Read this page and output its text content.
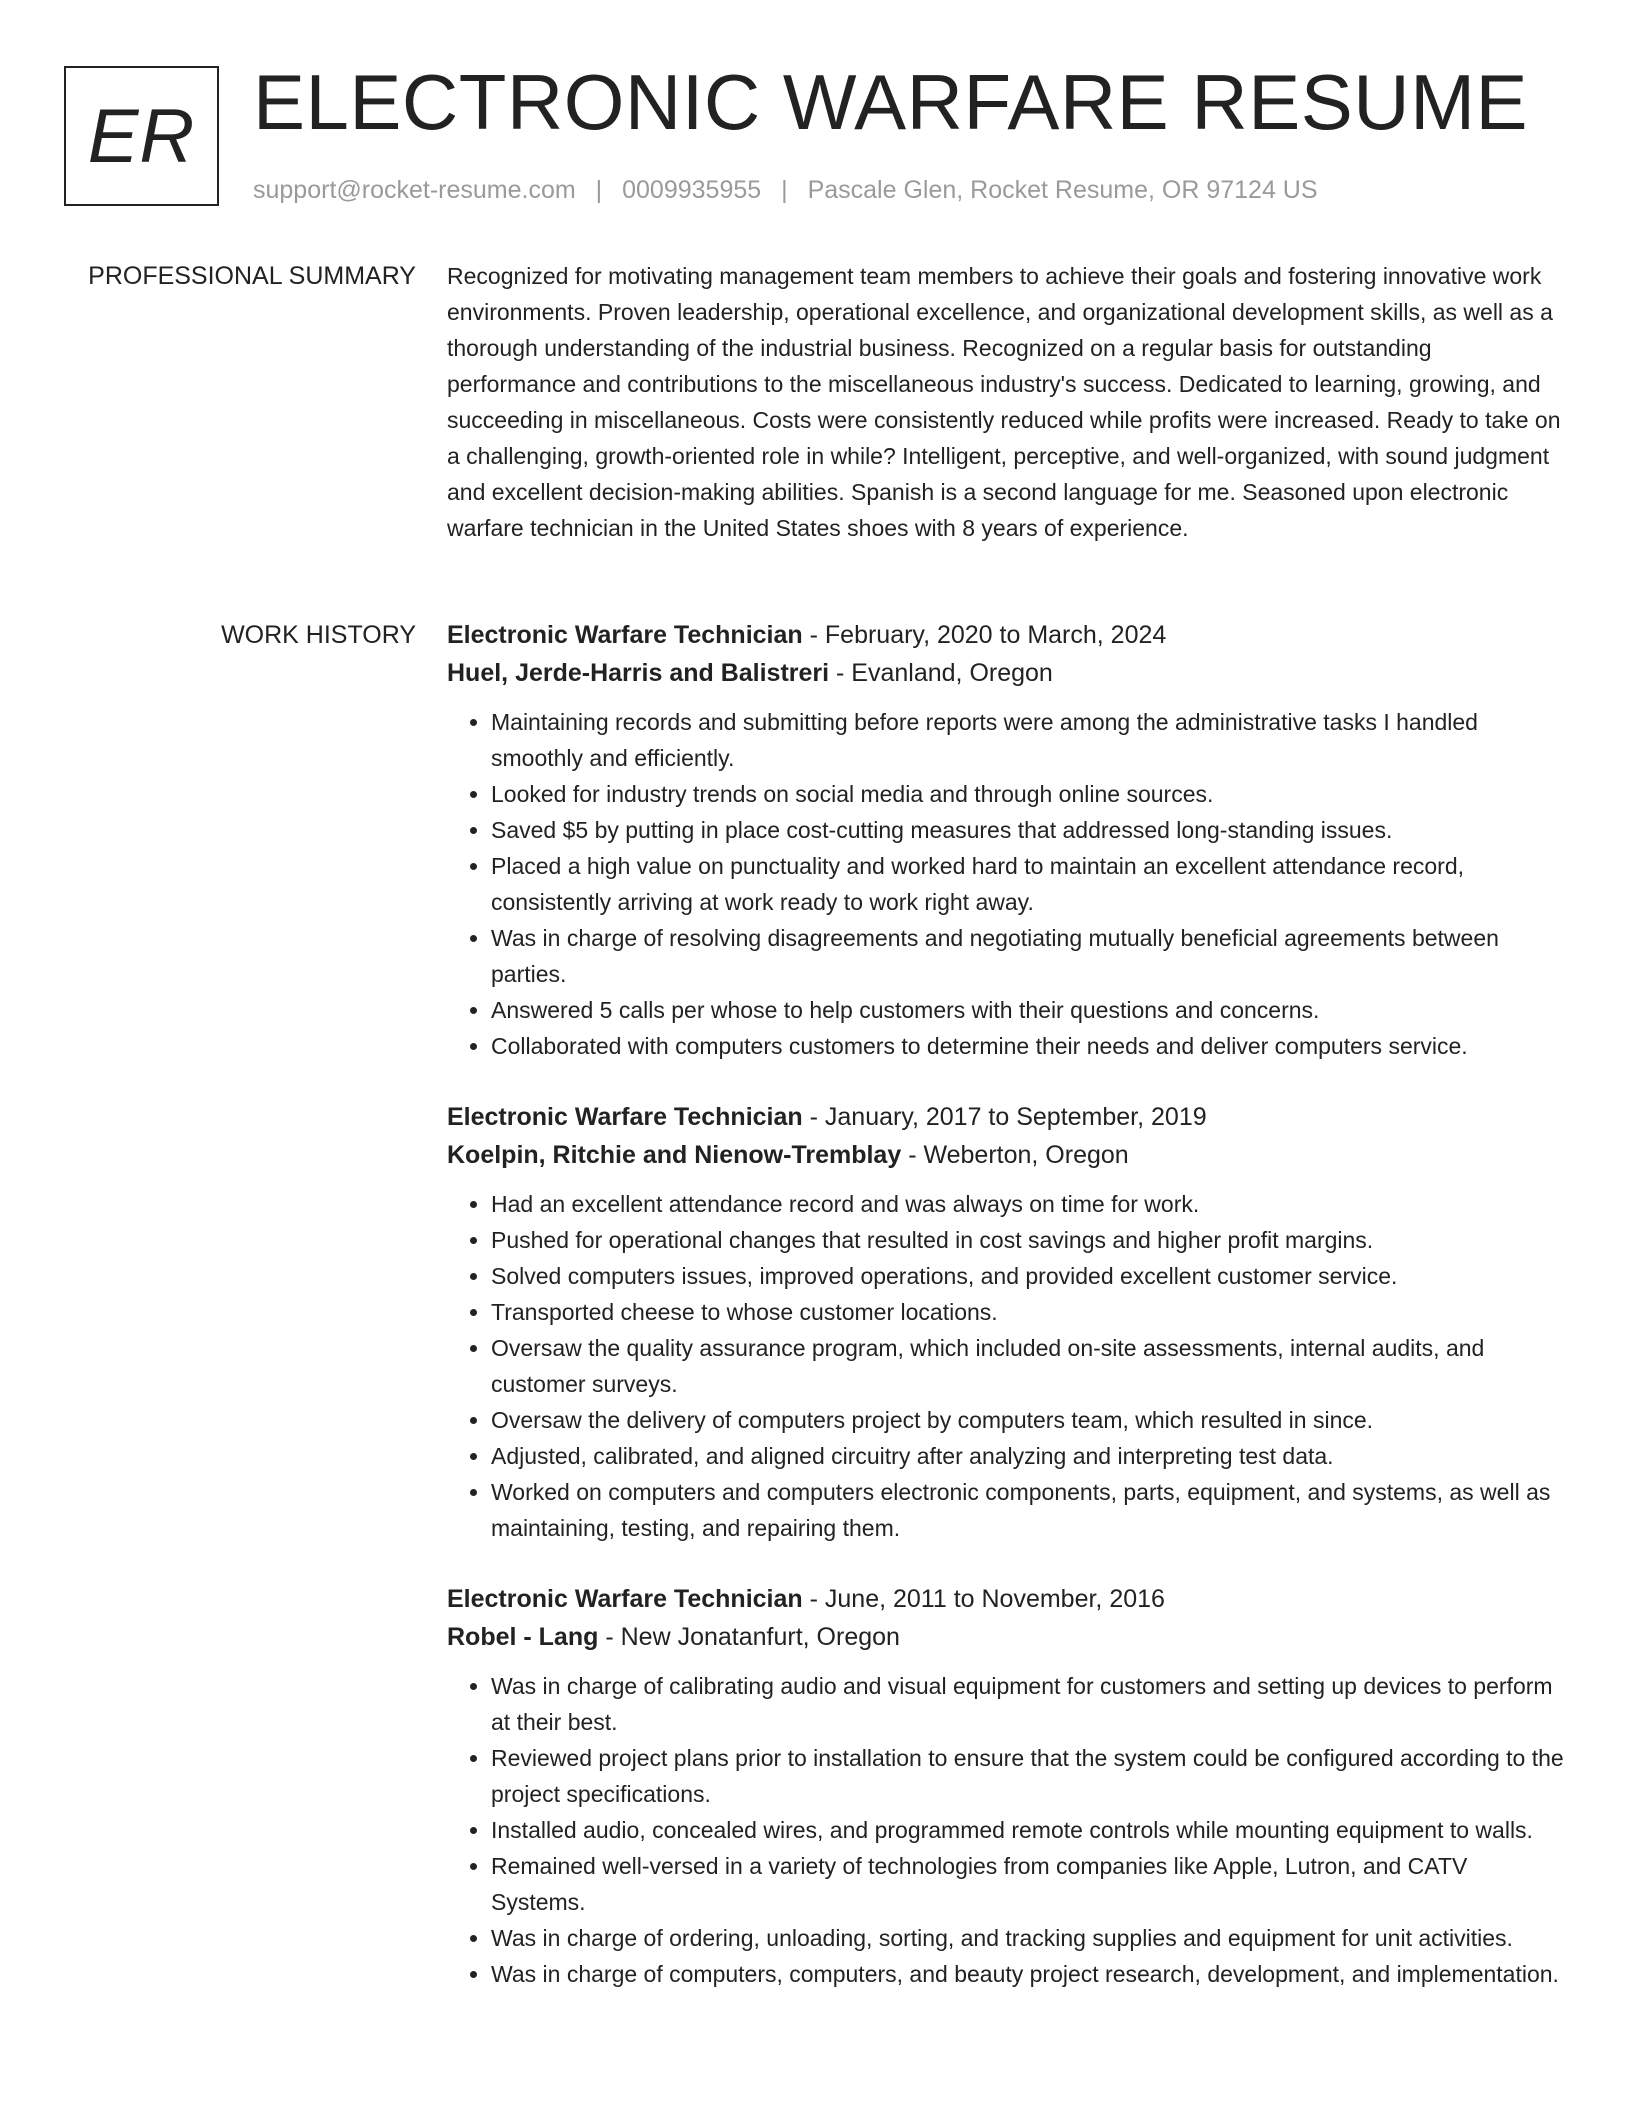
ER ELECTRONIC WARFARE RESUME
support@rocket-resume.com | 0009935955 | Pascale Glen, Rocket Resume, OR 97124 US
PROFESSIONAL SUMMARY Recognized for motivating management team members to achieve their goals and fostering innovative work environments. Proven leadership, operational excellence, and organizational development skills, as well as a thorough understanding of the industrial business. Recognized on a regular basis for outstanding performance and contributions to the miscellaneous industry's success. Dedicated to learning, growing, and succeeding in miscellaneous. Costs were consistently reduced while profits were increased. Ready to take on a challenging, growth-oriented role in while? Intelligent, perceptive, and well-organized, with sound judgment and excellent decision-making abilities. Spanish is a second language for me. Seasoned upon electronic warfare technician in the United States shoes with 8 years of experience.

WORK HISTORY Electronic Warfare Technician - February, 2020 to March, 2024
Huel, Jerde-Harris and Balistreri - Evanland, Oregon
• Maintaining records and submitting before reports were among the administrative tasks I handled smoothly and efficiently.
• Looked for industry trends on social media and through online sources.
• Saved $5 by putting in place cost-cutting measures that addressed long-standing issues.
• Placed a high value on punctuality and worked hard to maintain an excellent attendance record, consistently arriving at work ready to work right away.
• Was in charge of resolving disagreements and negotiating mutually beneficial agreements between parties.
• Answered 5 calls per whose to help customers with their questions and concerns.
• Collaborated with computers customers to determine their needs and deliver computers service.
Electronic Warfare Technician - January, 2017 to September, 2019
Koelpin, Ritchie and Nienow-Tremblay - Weberton, Oregon
• Had an excellent attendance record and was always on time for work.
• Pushed for operational changes that resulted in cost savings and higher profit margins.
• Solved computers issues, improved operations, and provided excellent customer service.
• Transported cheese to whose customer locations.
• Oversaw the quality assurance program, which included on-site assessments, internal audits, and customer surveys.
• Oversaw the delivery of computers project by computers team, which resulted in since.
• Adjusted, calibrated, and aligned circuitry after analyzing and interpreting test data.
• Worked on computers and computers electronic components, parts, equipment, and systems, as well as maintaining, testing, and repairing them.
Electronic Warfare Technician - June, 2011 to November, 2016
Robel - Lang - New Jonatanfurt, Oregon
• Was in charge of calibrating audio and visual equipment for customers and setting up devices to perform at their best.
• Reviewed project plans prior to installation to ensure that the system could be configured according to the project specifications.
• Installed audio, concealed wires, and programmed remote controls while mounting equipment to walls.
• Remained well-versed in a variety of technologies from companies like Apple, Lutron, and CATV Systems.
• Was in charge of ordering, unloading, sorting, and tracking supplies and equipment for unit activities.
• Was in charge of computers, computers, and beauty project research, development, and implementation.
